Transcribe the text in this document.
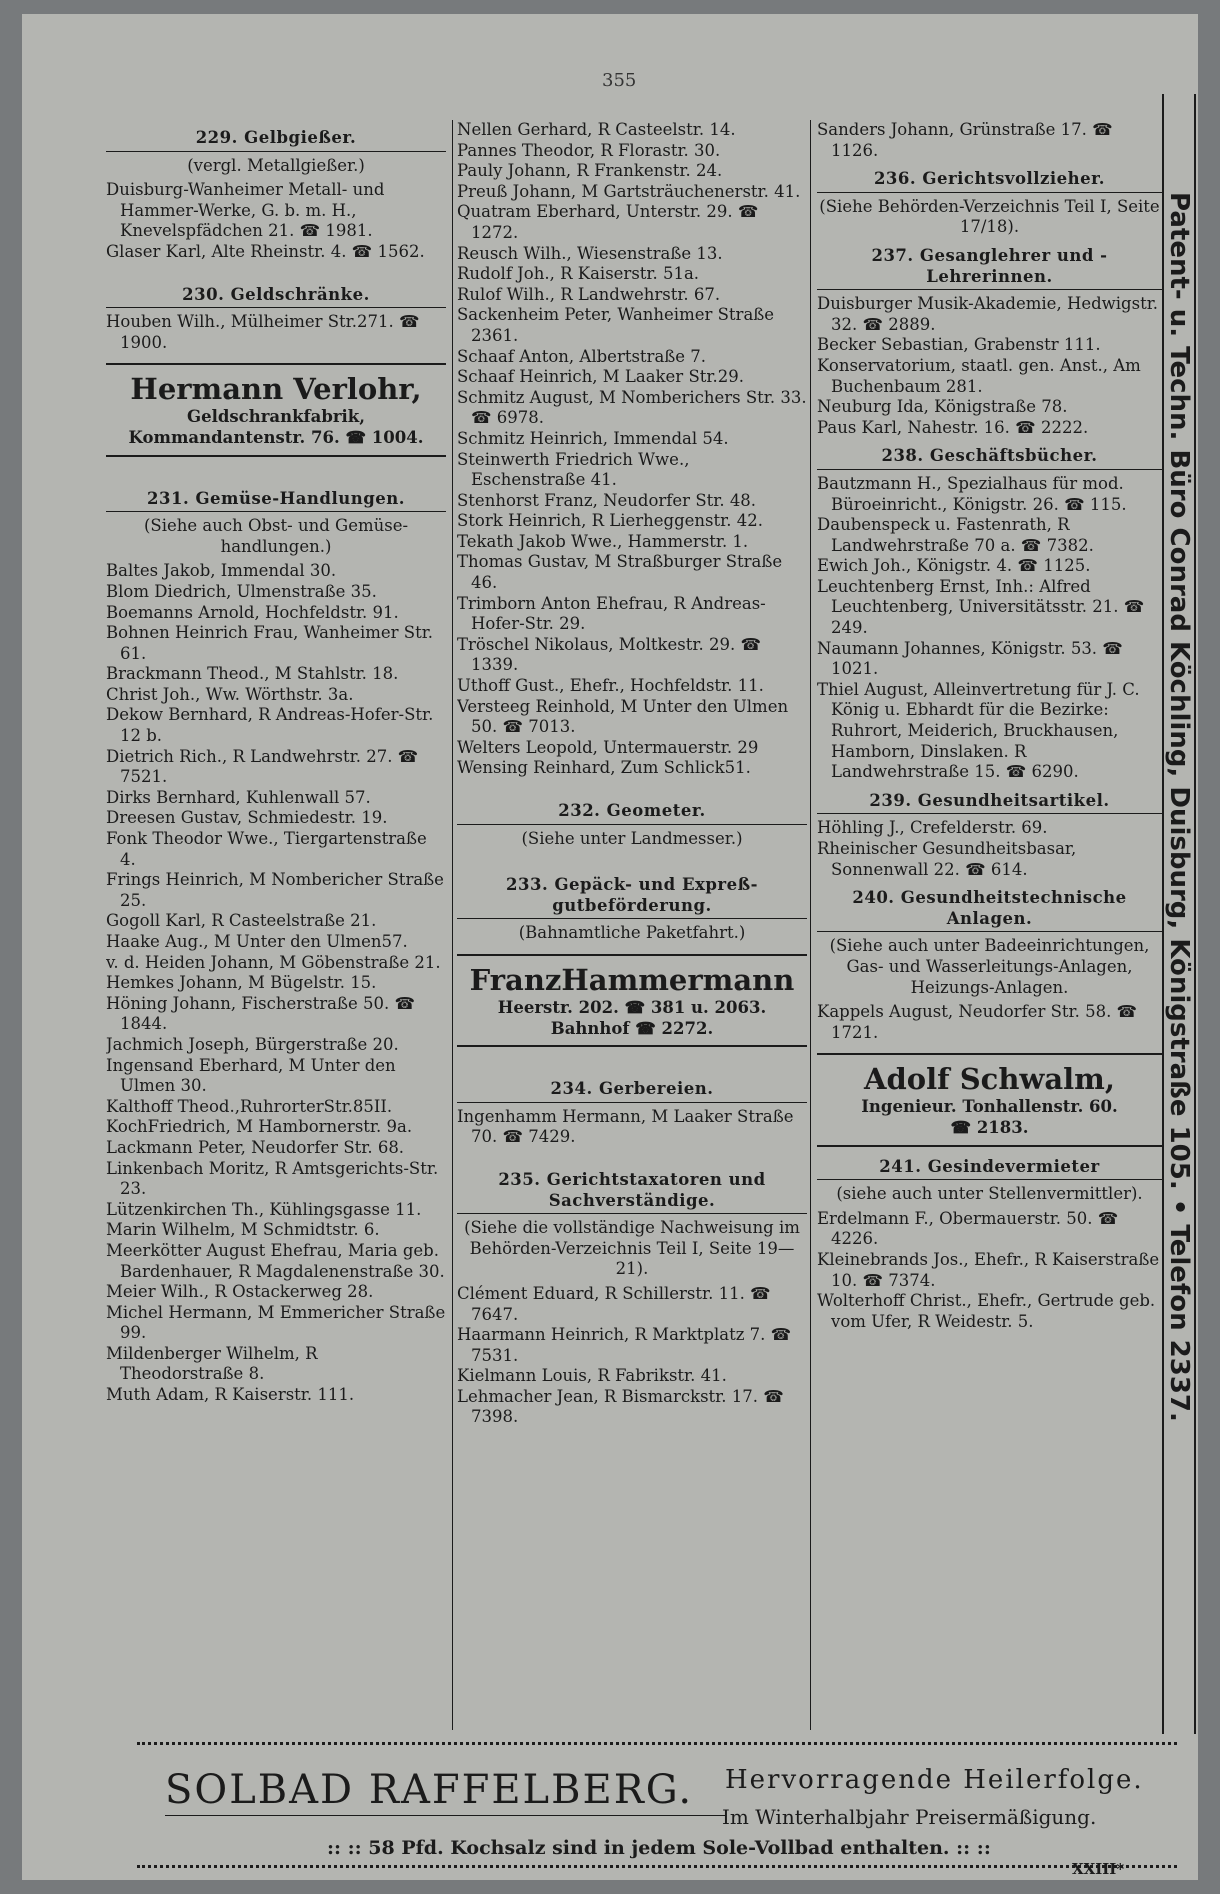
355
229. Gelbgießer.
(vergl. Metallgießer.)
Duisburg-Wanheimer Metall- und Hammer-Werke, G. b. m. H., Knevelspfädchen 21. ☎ 1981.
Glaser Karl, Alte Rheinstr. 4. ☎ 1562.
230. Geldschränke.
Houben Wilh., Mülheimer Str.271. ☎ 1900.
Hermann Verlohr,
Geldschrankfabrik,
Kommandantenstr. 76. ☎ 1004.
231. Gemüse-Handlungen.
(Siehe auch Obst- und Gemüse-handlungen.)
Baltes Jakob, Immendal 30.
Blom Diedrich, Ulmenstraße 35.
Boemanns Arnold, Hochfeldstr. 91.
Bohnen Heinrich Frau, Wanheimer Str. 61.
Brackmann Theod., M Stahlstr. 18.
Christ Joh., Ww. Wörthstr. 3a.
Dekow Bernhard, R Andreas-Hofer-Str. 12 b.
Dietrich Rich., R Landwehrstr. 27. ☎ 7521.
Dirks Bernhard, Kuhlenwall 57.
Dreesen Gustav, Schmiedestr. 19.
Fonk Theodor Wwe., Tiergartenstraße 4.
Frings Heinrich, M Nombericher Straße 25.
Gogoll Karl, R Casteelstraße 21.
Haake Aug., M Unter den Ulmen57.
v. d. Heiden Johann, M Göbenstraße 21.
Hemkes Johann, M Bügelstr. 15.
Höning Johann, Fischerstraße 50. ☎ 1844.
Jachmich Joseph, Bürgerstraße 20.
Ingensand Eberhard, M Unter den Ulmen 30.
Kalthoff Theod.,RuhrorterStr.85II.
KochFriedrich, M Hambornerstr. 9a.
Lackmann Peter, Neudorfer Str. 68.
Linkenbach Moritz, R Amtsgerichts-Str. 23.
Lützenkirchen Th., Kühlingsgasse 11.
Marin Wilhelm, M Schmidtstr. 6.
Meerkötter August Ehefrau, Maria geb. Bardenhauer, R Magdalenenstraße 30.
Meier Wilh., R Ostackerweg 28.
Michel Hermann, M Emmericher Straße 99.
Mildenberger Wilhelm, R Theodorstraße 8.
Muth Adam, R Kaiserstr. 111.
Nellen Gerhard, R Casteelstr. 14.
Pannes Theodor, R Florastr. 30.
Pauly Johann, R Frankenstr. 24.
Preuß Johann, M Gartsträuchenerstr. 41.
Quatram Eberhard, Unterstr. 29. ☎ 1272.
Reusch Wilh., Wiesenstraße 13.
Rudolf Joh., R Kaiserstr. 51a.
Rulof Wilh., R Landwehrstr. 67.
Sackenheim Peter, Wanheimer Straße 2361.
Schaaf Anton, Albertstraße 7.
Schaaf Heinrich, M Laaker Str.29.
Schmitz August, M Nomberichers Str. 33. ☎ 6978.
Schmitz Heinrich, Immendal 54.
Steinwerth Friedrich Wwe., Eschenstraße 41.
Stenhorst Franz, Neudorfer Str. 48.
Stork Heinrich, R Lierheggenstr. 42.
Tekath Jakob Wwe., Hammerstr. 1.
Thomas Gustav, M Straßburger Straße 46.
Trimborn Anton Ehefrau, R Andreas-Hofer-Str. 29.
Tröschel Nikolaus, Moltkestr. 29. ☎ 1339.
Uthoff Gust., Ehefr., Hochfeldstr. 11.
Versteeg Reinhold, M Unter den Ulmen 50. ☎ 7013.
Welters Leopold, Untermauerstr. 29
Wensing Reinhard, Zum Schlick51.
232. Geometer.
(Siehe unter Landmesser.)
233. Gepäck- und Expreß-gutbeförderung.
(Bahnamtliche Paketfahrt.)
FranzHammermann
Heerstr. 202. ☎ 381 u. 2063.
Bahnhof ☎ 2272.
234. Gerbereien.
Ingenhamm Hermann, M Laaker Straße 70. ☎ 7429.
235. Gerichtstaxatoren und Sachverständige.
(Siehe die vollständige Nachweisung im Behörden-Verzeichnis Teil I, Seite 19—21).
Clément Eduard, R Schillerstr. 11. ☎ 7647.
Haarmann Heinrich, R Marktplatz 7. ☎ 7531.
Kielmann Louis, R Fabrikstr. 41.
Lehmacher Jean, R Bismarckstr. 17. ☎ 7398.
Sanders Johann, Grünstraße 17. ☎ 1126.
236. Gerichtsvollzieher.
(Siehe Behörden-Verzeichnis Teil I, Seite 17/18).
237. Gesanglehrer und -Lehrerinnen.
Duisburger Musik-Akademie, Hedwigstr. 32. ☎ 2889.
Becker Sebastian, Grabenstr 111.
Konservatorium, staatl. gen. Anst., Am Buchenbaum 281.
Neuburg Ida, Königstraße 78.
Paus Karl, Nahestr. 16. ☎ 2222.
238. Geschäftsbücher.
Bautzmann H., Spezialhaus für mod. Büroeinricht., Königstr. 26. ☎ 115.
Daubenspeck u. Fastenrath, R Landwehrstraße 70 a. ☎ 7382.
Ewich Joh., Königstr. 4. ☎ 1125.
Leuchtenberg Ernst, Inh.: Alfred Leuchtenberg, Universitätsstr. 21. ☎ 249.
Naumann Johannes, Königstr. 53. ☎ 1021.
Thiel August, Alleinvertretung für J. C. König u. Ebhardt für die Bezirke: Ruhrort, Meiderich, Bruckhausen, Hamborn, Dinslaken. R Landwehrstraße 15. ☎ 6290.
239. Gesundheitsartikel.
Höhling J., Crefelderstr. 69.
Rheinischer Gesundheitsbasar, Sonnenwall 22. ☎ 614.
240. Gesundheitstechnische Anlagen.
(Siehe auch unter Badeeinrichtungen, Gas- und Wasserleitungs-Anlagen, Heizungs-Anlagen.
Kappels August, Neudorfer Str. 58. ☎ 1721.
Adolf Schwalm,
Ingenieur. Tonhallenstr. 60.
☎ 2183.
241. Gesindevermieter
(siehe auch unter Stellenvermittler).
Erdelmann F., Obermauerstr. 50. ☎ 4226.
Kleinebrands Jos., Ehefr., R Kaiserstraße 10. ☎ 7374.
Wolterhoff Christ., Ehefr., Gertrude geb. vom Ufer, R Weidestr. 5.	Patent- u. Techn. Büro Conrad Köchling, Duisburg, Königstraße 105. • Telefon 2337.
SOLBAD RAFFELBERG. Hervorragende Heilerfolge.
Im Winterhalbjahr Preisermäßigung.
:: :: 58 Pfd. Kochsalz sind in jedem Sole-Vollbad enthalten. :: ::
XXIII*
